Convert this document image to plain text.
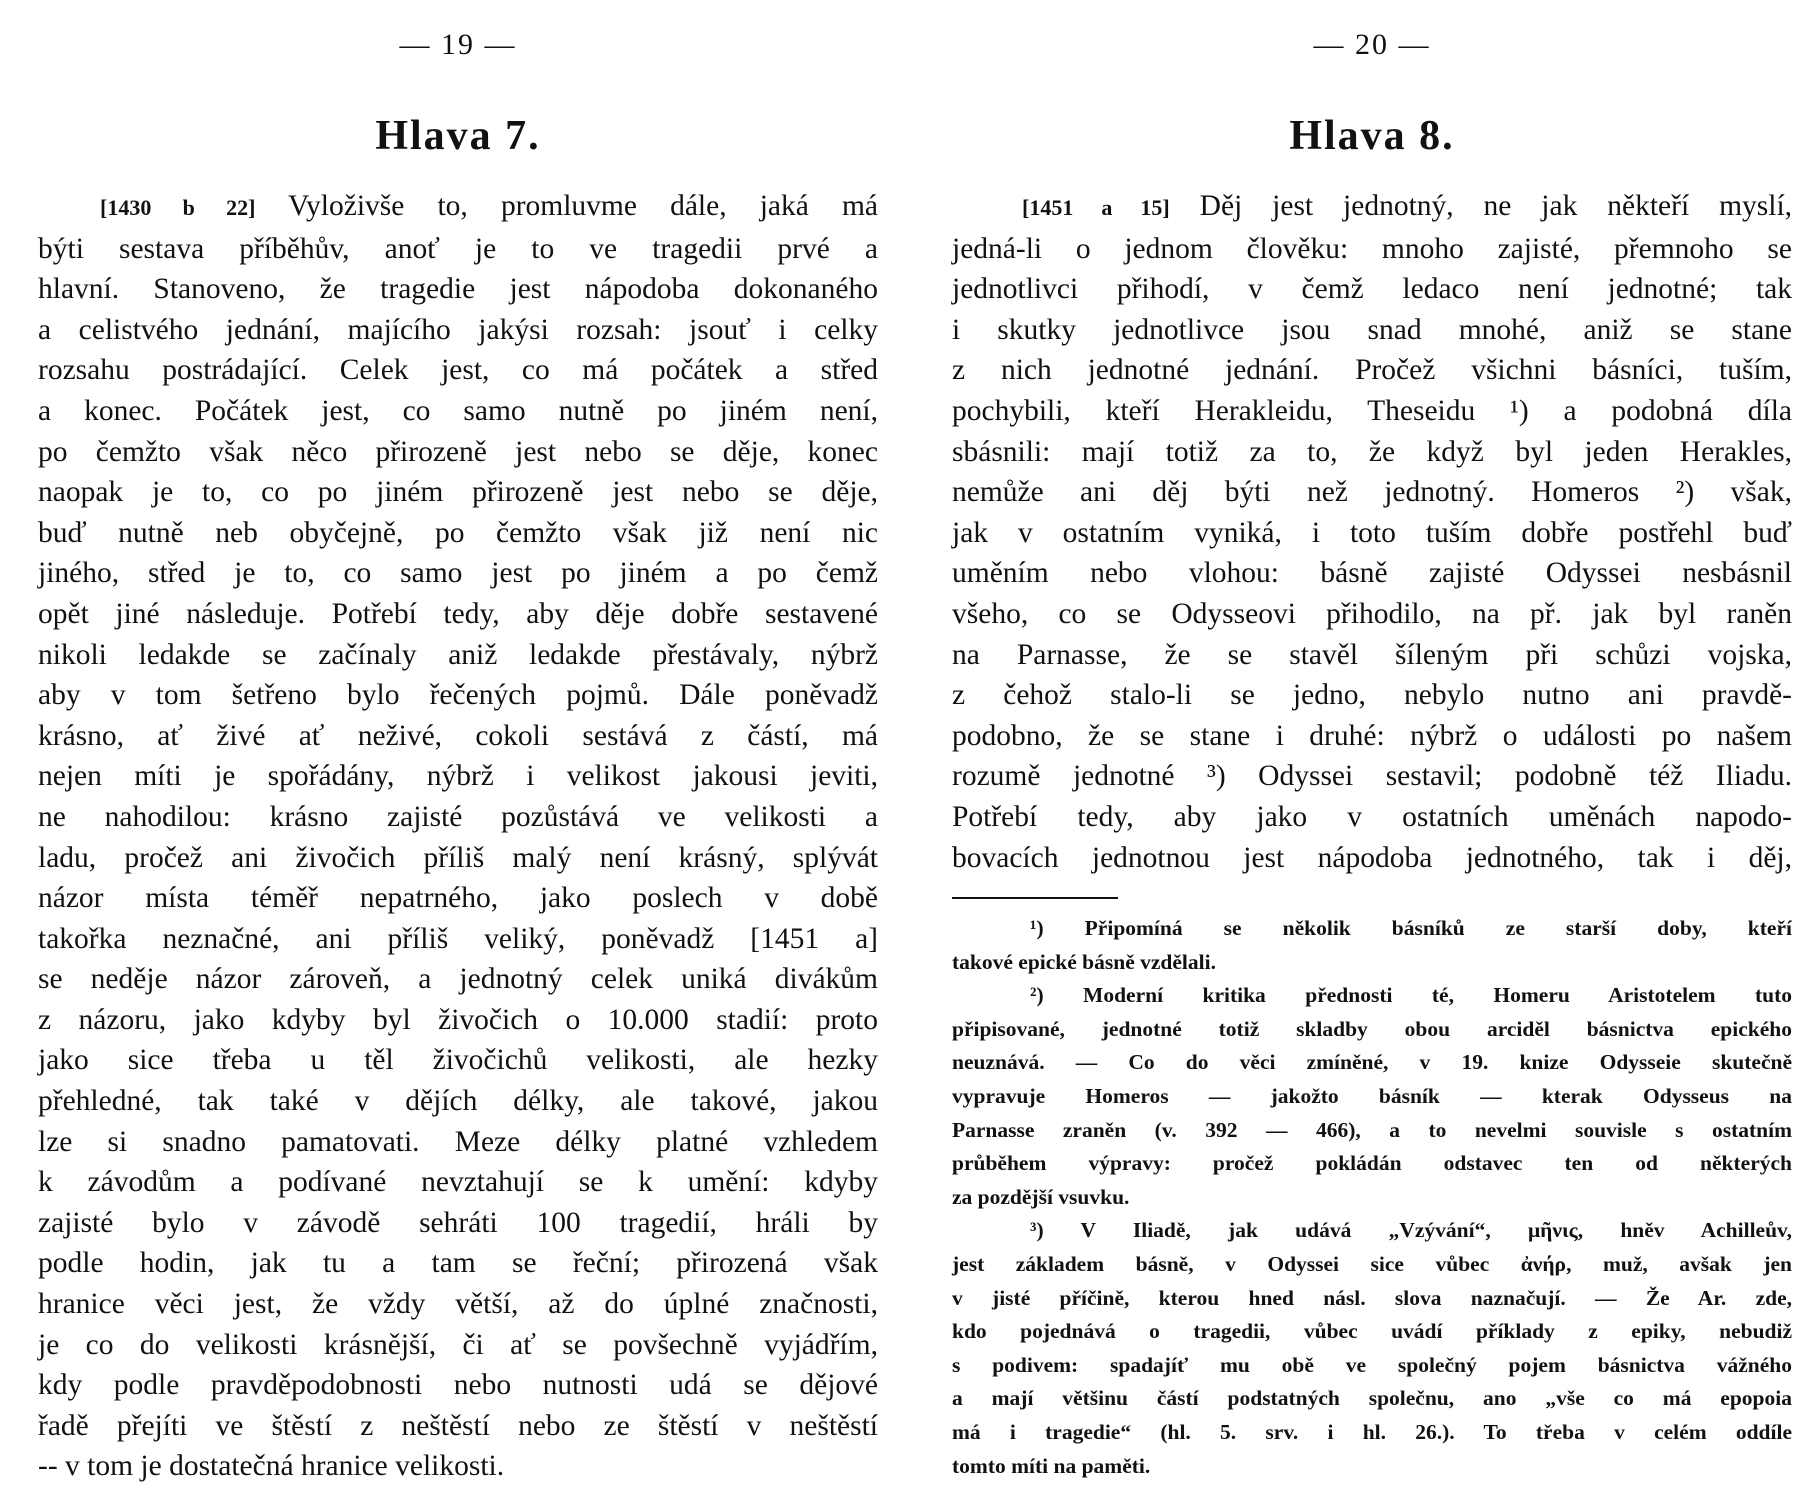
— 19 —
Hlava 7.
[1430 b 22] Vyloživše to, promluvme dále, jaká má
býti sestava příběhův, anoť je to ve tragedii prvé a
hlavní. Stanoveno, že tragedie jest nápodoba dokonaného
a celistvého jednání, majícího jakýsi rozsah: jsouť i celky
rozsahu postrádající. Celek jest, co má počátek a střed
a konec. Počátek jest, co samo nutně po jiném není,
po čemžto však něco přirozeně jest nebo se děje, konec
naopak je to, co po jiném přirozeně jest nebo se děje,
buď nutně neb obyčejně, po čemžto však již není nic
jiného, střed je to, co samo jest po jiném a po čemž
opět jiné následuje. Potřebí tedy, aby děje dobře sestavené
nikoli ledakde se začínaly aniž ledakde přestávaly, nýbrž
aby v tom šetřeno bylo řečených pojmů. Dále poněvadž
krásno, ať živé ať neživé, cokoli sestává z částí, má
nejen míti je spořádány, nýbrž i velikost jakousi jeviti,
ne nahodilou: krásno zajisté pozůstává ve velikosti a
ladu, pročež ani živočich příliš malý není krásný, splývát
názor místa téměř nepatrného, jako poslech v době
takořka neznačné, ani příliš veliký, poněvadž [1451 a]
se neděje názor zároveň, a jednotný celek uniká divákům
z názoru, jako kdyby byl živočich o 10.000 stadií: proto
jako sice třeba u těl živočichů velikosti, ale hezky
přehledné, tak také v dějích délky, ale takové, jakou
lze si snadno pamatovati. Meze délky platné vzhledem
k závodům a podívané nevztahují se k umění: kdyby
zajisté bylo v závodě sehráti 100 tragedií, hráli by
podle hodin, jak tu a tam se řeční; přirozená však
hranice věci jest, že vždy větší, až do úplné značnosti,
je co do velikosti krásnější, či ať se povšechně vyjádřím,
kdy podle pravděpodobnosti nebo nutnosti udá se dějové
řadě přejíti ve štěstí z neštěstí nebo ze štěstí v neštěstí
-- v tom je dostatečná hranice velikosti.
— 20 —
Hlava 8.
[1451 a 15] Děj jest jednotný, ne jak někteří myslí,
jedná-li o jednom člověku: mnoho zajisté, přemnoho se
jednotlivci přihodí, v čemž ledaco není jednotné; tak
i skutky jednotlivce jsou snad mnohé, aniž se stane
z nich jednotné jednání. Pročež všichni básníci, tuším,
pochybili, kteří Herakleidu, Theseidu ¹) a podobná díla
sbásnili: mají totiž za to, že když byl jeden Herakles,
nemůže ani děj býti než jednotný. Homeros ²) však,
jak v ostatním vyniká, i toto tuším dobře postřehl buď
uměním nebo vlohou: básně zajisté Odyssei nesbásnil
všeho, co se Odysseovi přihodilo, na př. jak byl raněn
na Parnasse, že se stavěl šíleným při schůzi vojska,
z čehož stalo-li se jedno, nebylo nutno ani pravdě-
podobno, že se stane i druhé: nýbrž o události po našem
rozumě jednotné ³) Odyssei sestavil; podobně též Iliadu.
Potřebí tedy, aby jako v ostatních uměnách napodo-
bovacích jednotnou jest nápodoba jednotného, tak i děj,
¹) Připomíná se několik básníků ze starší doby, kteří
takové epické básně vzdělali.
²) Moderní kritika přednosti té, Homeru Aristotelem tuto
připisované, jednotné totiž skladby obou arciděl básnictva epického
neuznává. — Co do věci zmíněné, v 19. knize Odysseie skutečně
vypravuje Homeros — jakožto básník — kterak Odysseus na
Parnasse zraněn (v. 392 — 466), a to nevelmi souvisle s ostatním
průběhem výpravy: pročež pokládán odstavec ten od některých
za pozdější vsuvku.
³) V Iliadě, jak udává „Vzývání“, μῆνις, hněv Achilleův,
jest základem básně, v Odyssei sice vůbec ἀνήρ, muž, avšak jen
v jisté příčině, kterou hned násl. slova naznačují. — Že Ar. zde,
kdo pojednává o tragedii, vůbec uvádí příklady z epiky, nebudiž
s podivem: spadajíť mu obě ve společný pojem básnictva vážného
a mají většinu částí podstatných společnu, ano „vše co má epopoia
má i tragedie“ (hl. 5. srv. i hl. 26.). To třeba v celém oddíle
tomto míti na paměti.
